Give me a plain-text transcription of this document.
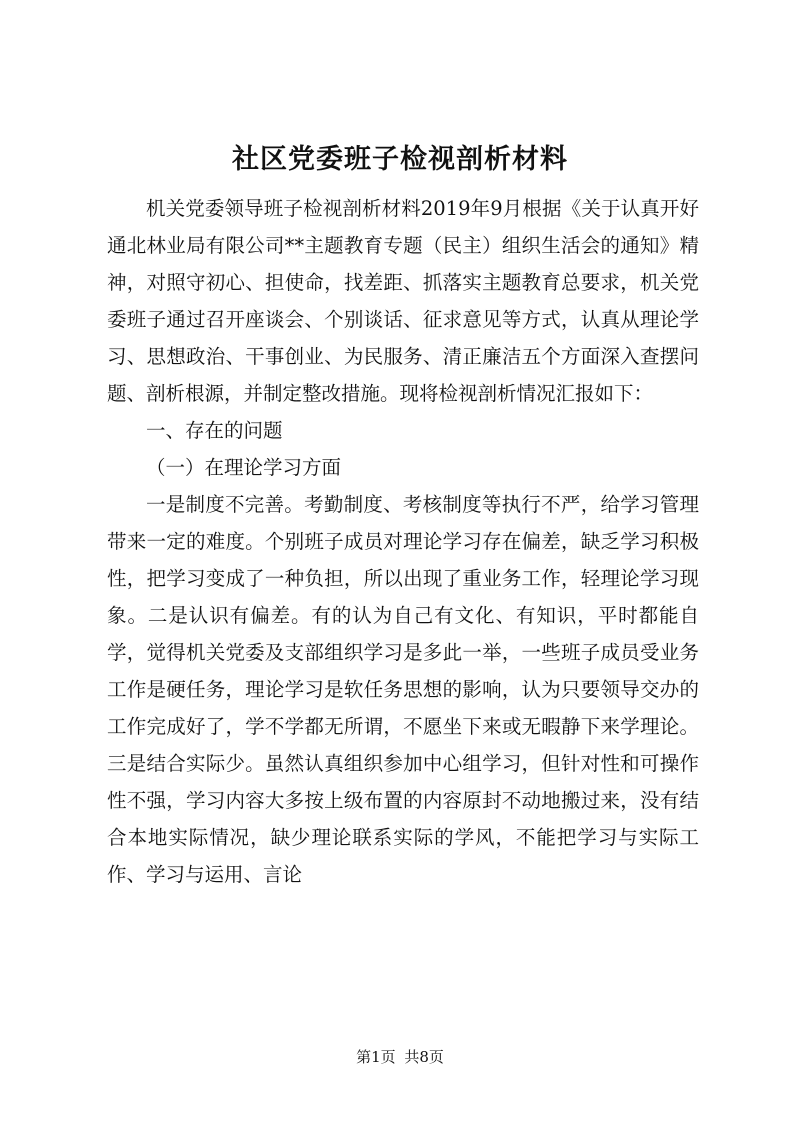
社区党委班子检视剖析材料

机关党委领导班子检视剖析材料2019年9月根据《关于认真开好通北林业局有限公司**主题教育专题（民主）组织生活会的通知》精神，对照守初心、担使命，找差距、抓落实主题教育总要求，机关党委班子通过召开座谈会、个别谈话、征求意见等方式，认真从理论学习、思想政治、干事创业、为民服务、清正廉洁五个方面深入查摆问题、剖析根源，并制定整改措施。现将检视剖析情况汇报如下：

一、存在的问题

（一）在理论学习方面

一是制度不完善。考勤制度、考核制度等执行不严，给学习管理带来一定的难度。个别班子成员对理论学习存在偏差，缺乏学习积极性，把学习变成了一种负担，所以出现了重业务工作，轻理论学习现象。二是认识有偏差。有的认为自己有文化、有知识，平时都能自学，觉得机关党委及支部组织学习是多此一举，一些班子成员受业务工作是硬任务，理论学习是软任务思想的影响，认为只要领导交办的工作完成好了，学不学都无所谓，不愿坐下来或无暇静下来学理论。三是结合实际少。虽然认真组织参加中心组学习，但针对性和可操作性不强，学习内容大多按上级布置的内容原封不动地搬过来，没有结合本地实际情况，缺少理论联系实际的学风，不能把学习与实际工作、学习与运用、言论

第1页 共8页
